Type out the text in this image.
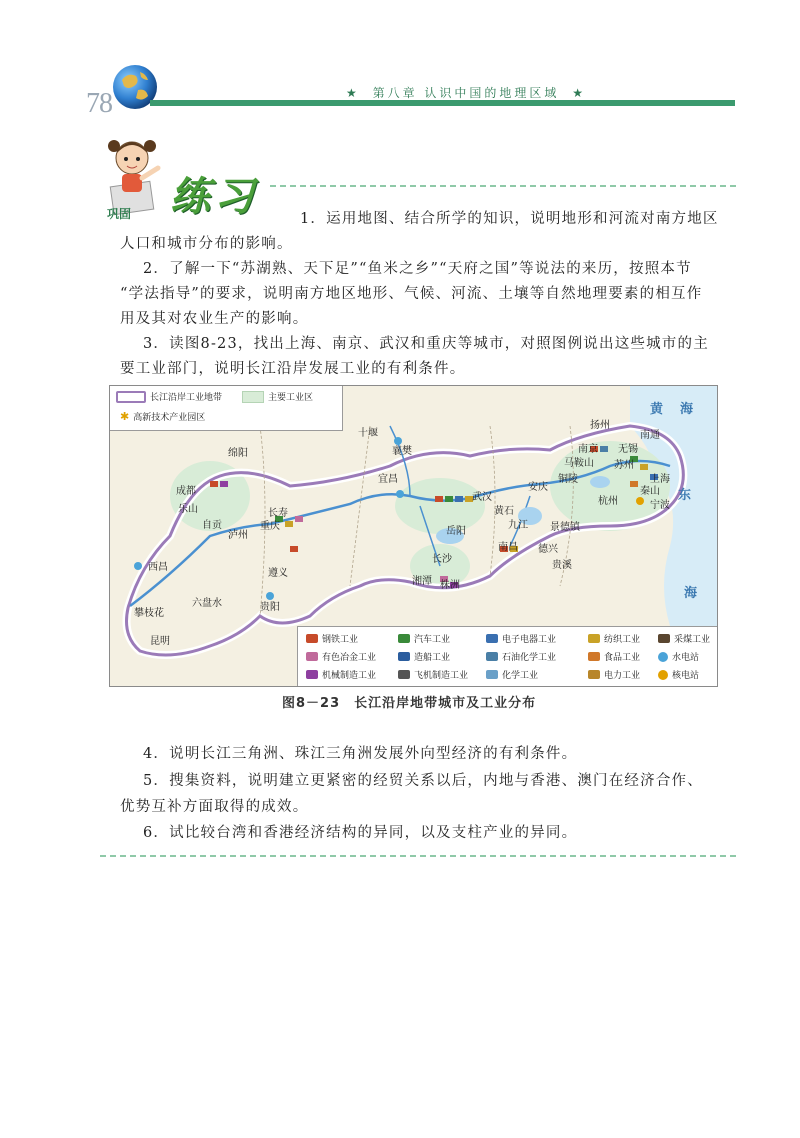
78	★ 第八章 认识中国的地理区域 ★
巩固 练习	1．运用地图、结合所学的知识，说明地形和河流对南方地区
人口和城市分布的影响。
2．了解一下“苏湖熟、天下足”“鱼米之乡”“天府之国”等说法的来历，按照本节
“学法指导”的要求，说明南方地区地形、气候、河流、土壤等自然地理要素的相互作
用及其对农业生产的影响。
3．读图8-23，找出上海、南京、武汉和重庆等城市，对照图例说出这些城市的主
要工业部门，说明长江沿岸发展工业的有利条件。
长江沿岸工业地带	主要工业区
✱ 高新技术产业园区
黄 海
东
海
十堰
襄樊
绵阳
成都
乐山
自贡
泸州
长寿
重庆
宜昌
武汉
岳阳
黄石
九江
安庆
铜陵
马鞍山
南京
扬州
南通
无锡
苏州
上海
杭州	宁波
秦山
景德镇
南昌 德兴
贵溪
长沙
湘潭 株洲
西昌
攀枝花
昆明
六盘水	贵阳
遵义
钢铁工业	汽车工业	电子电器工业	纺织工业	采煤工业
有色冶金工业	造船工业	石油化学工业	食品工业	水电站
机械制造工业	飞机制造工业	化学工业	电力工业	核电站
图8－23　长江沿岸地带城市及工业分布
4．说明长江三角洲、珠江三角洲发展外向型经济的有利条件。
5．搜集资料，说明建立更紧密的经贸关系以后，内地与香港、澳门在经济合作、
优势互补方面取得的成效。
6．试比较台湾和香港经济结构的异同，以及支柱产业的异同。
